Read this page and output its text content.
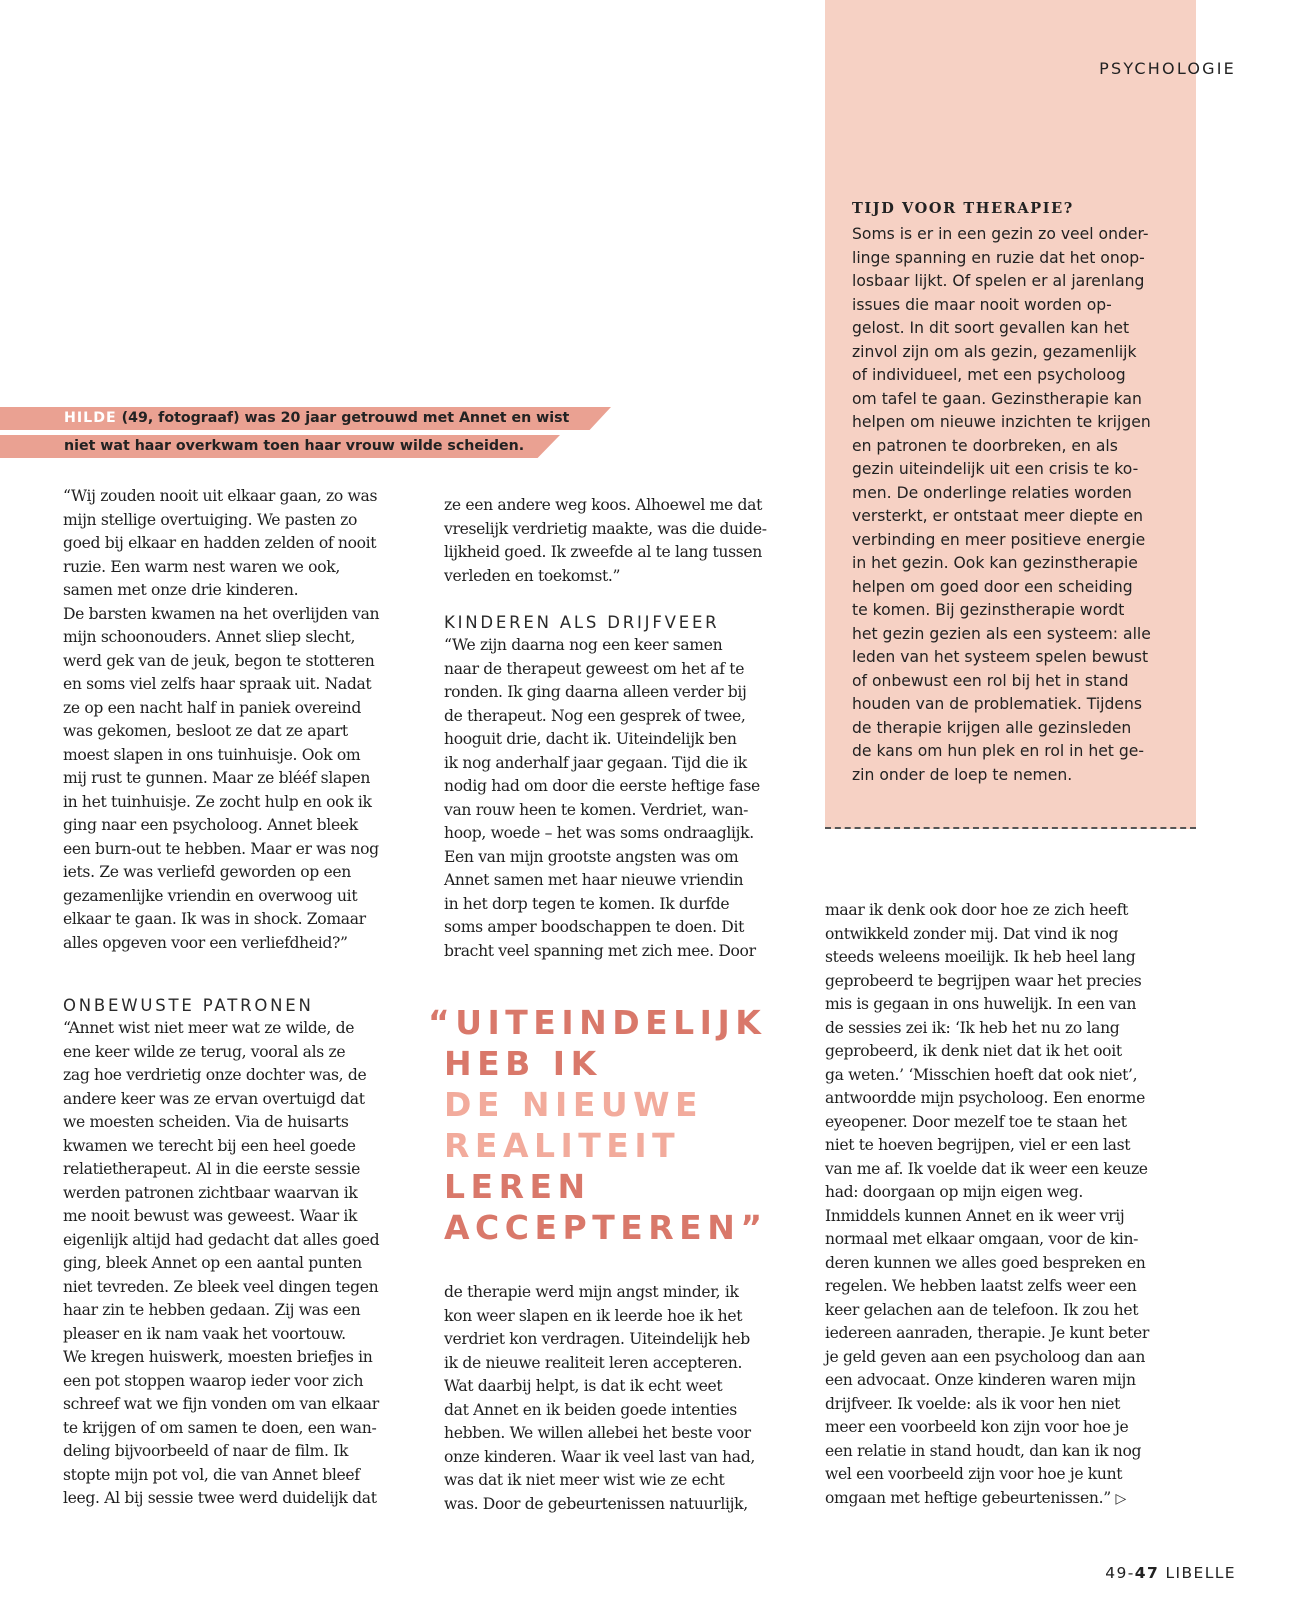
PSYCHOLOGIE
TIJD VOOR THERAPIE?
Soms is er in een gezin zo veel onder-
linge spanning en ruzie dat het onop-
losbaar lijkt. Of spelen er al jarenlang
issues die maar nooit worden op-
gelost. In dit soort gevallen kan het
zinvol zijn om als gezin, gezamenlijk
of individueel, met een psycholoog
om tafel te gaan. Gezinstherapie kan
helpen om nieuwe inzichten te krijgen
en patronen te doorbreken, en als
gezin uiteindelijk uit een crisis te ko-
men. De onderlinge relaties worden
versterkt, er ontstaat meer diepte en
verbinding en meer positieve energie
in het gezin. Ook kan gezinstherapie
helpen om goed door een scheiding
te komen. Bij gezinstherapie wordt
het gezin gezien als een systeem: alle
leden van het systeem spelen bewust
of onbewust een rol bij het in stand
houden van de problematiek. Tijdens
de therapie krijgen alle gezinsleden
de kans om hun plek en rol in het ge-
zin onder de loep te nemen.
HILDE (49, fotograaf) was 20 jaar getrouwd met Annet en wist
niet wat haar overkwam toen haar vrouw wilde scheiden.
“Wij zouden nooit uit elkaar gaan, zo was
mijn stellige overtuiging. We pasten zo
goed bij elkaar en hadden zelden of nooit
ruzie. Een warm nest waren we ook,
samen met onze drie kinderen.
De barsten kwamen na het overlijden van
mijn schoonouders. Annet sliep slecht,
werd gek van de jeuk, begon te stotteren
en soms viel zelfs haar spraak uit. Nadat
ze op een nacht half in paniek overeind
was gekomen, besloot ze dat ze apart
moest slapen in ons tuinhuisje. Ook om
mij rust te gunnen. Maar ze blééf slapen
in het tuinhuisje. Ze zocht hulp en ook ik
ging naar een psycholoog. Annet bleek
een burn-out te hebben. Maar er was nog
iets. Ze was verliefd geworden op een
gezamenlijke vriendin en overwoog uit
elkaar te gaan. Ik was in shock. Zomaar
alles opgeven voor een verliefdheid?”
ONBEWUSTE PATRONEN
“Annet wist niet meer wat ze wilde, de
ene keer wilde ze terug, vooral als ze
zag hoe verdrietig onze dochter was, de
andere keer was ze ervan overtuigd dat
we moesten scheiden. Via de huisarts
kwamen we terecht bij een heel goede
relatietherapeut. Al in die eerste sessie
werden patronen zichtbaar waarvan ik
me nooit bewust was geweest. Waar ik
eigenlijk altijd had gedacht dat alles goed
ging, bleek Annet op een aantal punten
niet tevreden. Ze bleek veel dingen tegen
haar zin te hebben gedaan. Zij was een
pleaser en ik nam vaak het voortouw.
We kregen huiswerk, moesten briefjes in
een pot stoppen waarop ieder voor zich
schreef wat we fijn vonden om van elkaar
te krijgen of om samen te doen, een wan-
deling bijvoorbeeld of naar de film. Ik
stopte mijn pot vol, die van Annet bleef
leeg. Al bij sessie twee werd duidelijk dat
ze een andere weg koos. Alhoewel me dat
vreselijk verdrietig maakte, was die duide-
lijkheid goed. Ik zweefde al te lang tussen
verleden en toekomst.”
KINDEREN ALS DRIJFVEER
“We zijn daarna nog een keer samen
naar de therapeut geweest om het af te
ronden. Ik ging daarna alleen verder bij
de therapeut. Nog een gesprek of twee,
hooguit drie, dacht ik. Uiteindelijk ben
ik nog anderhalf jaar gegaan. Tijd die ik
nodig had om door die eerste heftige fase
van rouw heen te komen. Verdriet, wan-
hoop, woede – het was soms ondraaglijk.
Een van mijn grootste angsten was om
Annet samen met haar nieuwe vriendin
in het dorp tegen te komen. Ik durfde
soms amper boodschappen te doen. Dit
bracht veel spanning met zich mee. Door
“UITEINDELIJK
HEB IK
DE NIEUWE
REALITEIT
LEREN
ACCEPTEREN”
de therapie werd mijn angst minder, ik
kon weer slapen en ik leerde hoe ik het
verdriet kon verdragen. Uiteindelijk heb
ik de nieuwe realiteit leren accepteren.
Wat daarbij helpt, is dat ik echt weet
dat Annet en ik beiden goede intenties
hebben. We willen allebei het beste voor
onze kinderen. Waar ik veel last van had,
was dat ik niet meer wist wie ze echt
was. Door de gebeurtenissen natuurlijk,
maar ik denk ook door hoe ze zich heeft
ontwikkeld zonder mij. Dat vind ik nog
steeds weleens moeilijk. Ik heb heel lang
geprobeerd te begrijpen waar het precies
mis is gegaan in ons huwelijk. In een van
de sessies zei ik: ‘Ik heb het nu zo lang
geprobeerd, ik denk niet dat ik het ooit
ga weten.’ ‘Misschien hoeft dat ook niet’,
antwoordde mijn psycholoog. Een enorme
eyeopener. Door mezelf toe te staan het
niet te hoeven begrijpen, viel er een last
van me af. Ik voelde dat ik weer een keuze
had: doorgaan op mijn eigen weg.
Inmiddels kunnen Annet en ik weer vrij
normaal met elkaar omgaan, voor de kin-
deren kunnen we alles goed bespreken en
regelen. We hebben laatst zelfs weer een
keer gelachen aan de telefoon. Ik zou het
iedereen aanraden, therapie. Je kunt beter
je geld geven aan een psycholoog dan aan
een advocaat. Onze kinderen waren mijn
drijfveer. Ik voelde: als ik voor hen niet
meer een voorbeeld kon zijn voor hoe je
een relatie in stand houdt, dan kan ik nog
wel een voorbeeld zijn voor hoe je kunt
omgaan met heftige gebeurtenissen.” ▷
49-47 LIBELLE
